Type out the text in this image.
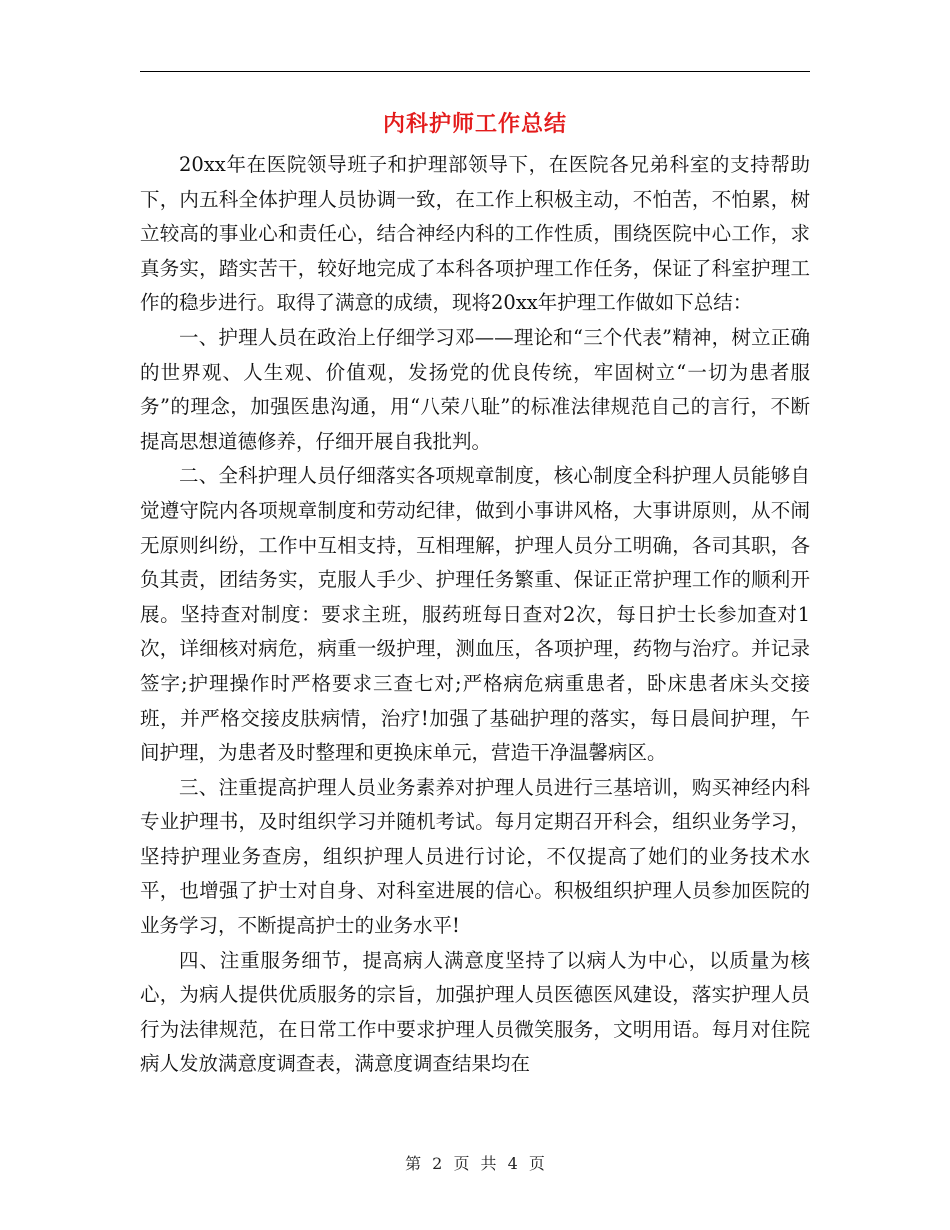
内科护师工作总结

20xx年在医院领导班子和护理部领导下，在医院各兄弟科室的支持帮助下，内五科全体护理人员协调一致，在工作上积极主动，不怕苦，不怕累，树立较高的事业心和责任心，结合神经内科的工作性质，围绕医院中心工作，求真务实，踏实苦干，较好地完成了本科各项护理工作任务，保证了科室护理工作的稳步进行。取得了满意的成绩，现将20xx年护理工作做如下总结：

一、护理人员在政治上仔细学习邓——理论和“三个代表”精神，树立正确的世界观、人生观、价值观，发扬党的优良传统，牢固树立“一切为患者服务”的理念，加强医患沟通，用“八荣八耻”的标准法律规范自己的言行，不断提高思想道德修养，仔细开展自我批判。

二、全科护理人员仔细落实各项规章制度，核心制度全科护理人员能够自觉遵守院内各项规章制度和劳动纪律，做到小事讲风格，大事讲原则，从不闹无原则纠纷，工作中互相支持，互相理解，护理人员分工明确，各司其职，各负其责，团结务实，克服人手少、护理任务繁重、保证正常护理工作的顺利开展。坚持查对制度：要求主班，服药班每日查对2次，每日护士长参加查对1次，详细核对病危，病重一级护理，测血压，各项护理，药物与治疗。并记录签字;护理操作时严格要求三查七对;严格病危病重患者，卧床患者床头交接班，并严格交接皮肤病情，治疗!加强了基础护理的落实，每日晨间护理，午间护理，为患者及时整理和更换床单元，营造干净温馨病区。

三、注重提高护理人员业务素养对护理人员进行三基培训，购买神经内科专业护理书，及时组织学习并随机考试。每月定期召开科会，组织业务学习，坚持护理业务查房，组织护理人员进行讨论，不仅提高了她们的业务技术水平，也增强了护士对自身、对科室进展的信心。积极组织护理人员参加医院的业务学习，不断提高护士的业务水平!

四、注重服务细节，提高病人满意度坚持了以病人为中心，以质量为核心，为病人提供优质服务的宗旨，加强护理人员医德医风建设，落实护理人员行为法律规范，在日常工作中要求护理人员微笑服务，文明用语。每月对住院病人发放满意度调查表，满意度调查结果均在

第 2 页 共 4 页
